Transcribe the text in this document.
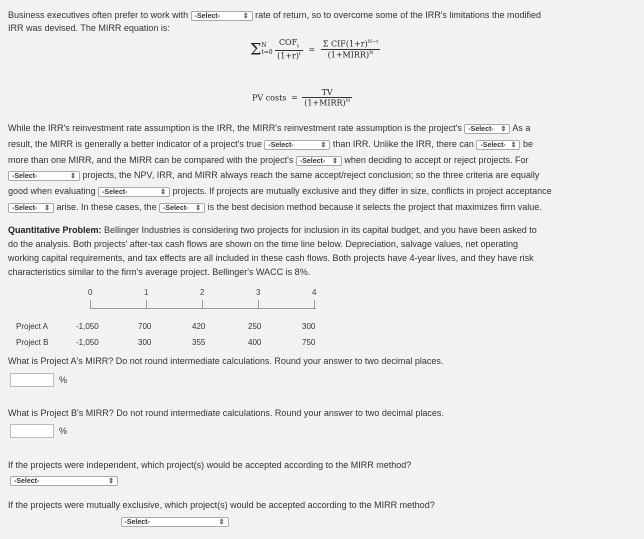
Business executives often prefer to work with -Select-	⇕ rate of return, so to overcome some of the IRR's limitations the modified
IRR was devised. The MIRR equation is:
ΣN
$t=0 \frac{COF_t}{(1+r)^t} = \frac{\Sigma CIF(1+r)^{N-t}}{(1+MIRR)^N}$
PV costs = $\frac{TV}{(1+MIRR)^N}$
While the IRR's reinvestment rate assumption is the IRR, the MIRR's reinvestment rate assumption is the project's -Select- ⇕ As a
result, the MIRR is generally a better indicator of a project's true -Select-	⇕ than IRR. Unlike the IRR, there can -Select- ⇕ be
more than one MIRR, and the MIRR can be compared with the project's -Select- ⇕ when deciding to accept or reject projects. For
-Select-	⇕ projects, the NPV, IRR, and MIRR always reach the same accept/reject conclusion; so the three criteria are equally
good when evaluating -Select-	⇕ projects. If projects are mutually exclusive and they differ in size, conflicts in project acceptance
-Select- ⇕ arise. In these cases, the -Select- ⇕ is the best decision method because it selects the project that maximizes firm value.
Quantitative Problem: Bellinger Industries is considering two projects for inclusion in its capital budget, and you have been asked to
do the analysis. Both projects' after-tax cash flows are shown on the time line below. Depreciation, salvage values, net operating
working capital requirements, and tax effects are all included in these cash flows. Both projects have 4-year lives, and they have risk
characteristics similar to the firm's average project. Bellinger's WACC is 8%.
0	1	2	3	4
Project A	-1,050	700	420	250	300
Project B	-1,050	300	355	400	750
What is Project A's MIRR? Do not round intermediate calculations. Round your answer to two decimal places.
%
What is Project B's MIRR? Do not round intermediate calculations. Round your answer to two decimal places.
%
If the projects were independent, which project(s) would be accepted according to the MIRR method?
-Select-	⇕

If the projects were mutually exclusive, which project(s) would be accepted according to the MIRR method?
-Select-	⇕
